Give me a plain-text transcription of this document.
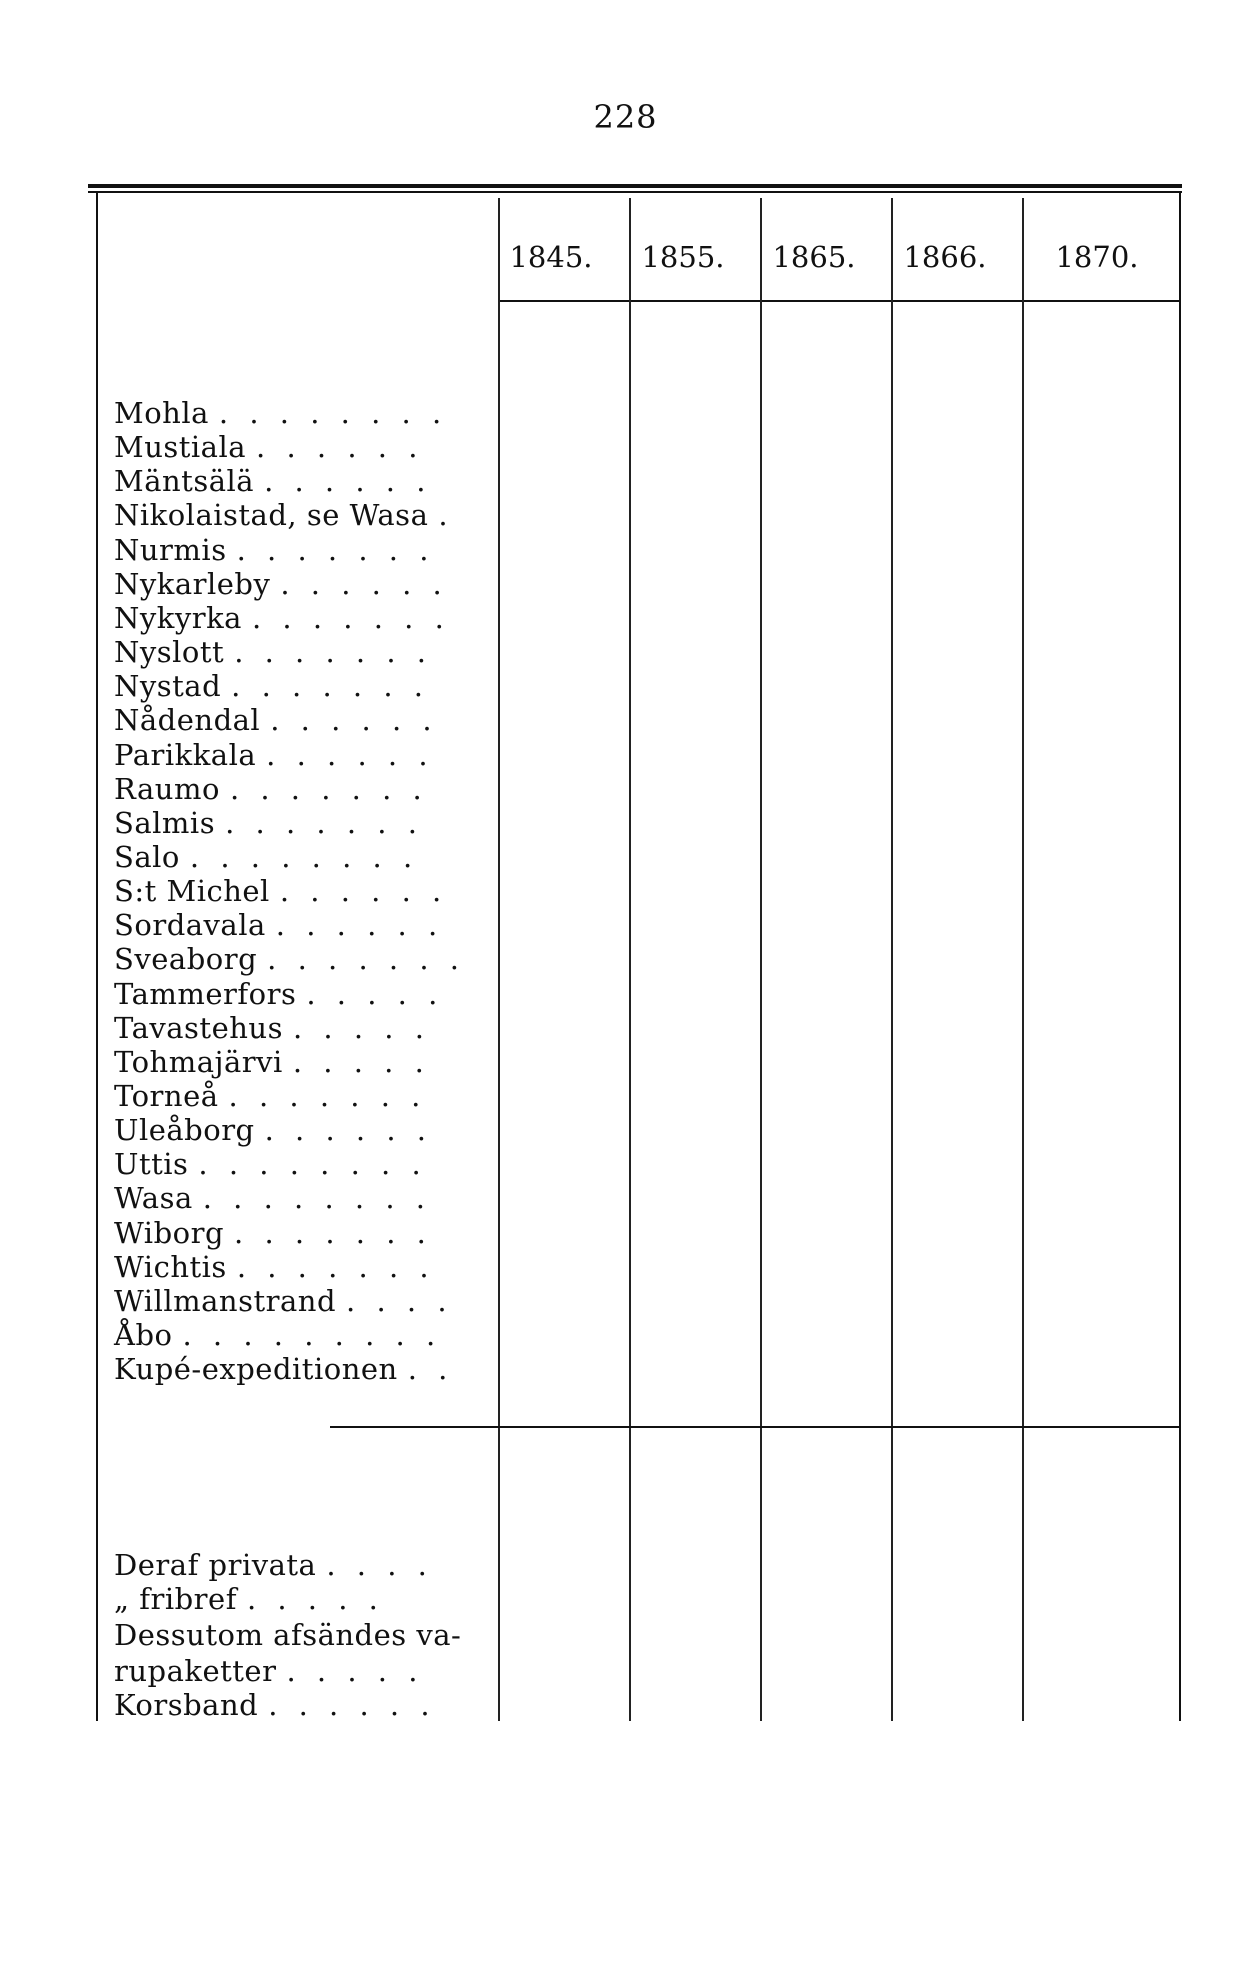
228
1845.	1855.	1865.	1866.	1870.
Mohla . . . . . . . .
Mustiala . . . . . .
Mäntsälä . . . . . .
Nikolaistad, se Wasa .
Nurmis . . . . . . .
Nykarleby . . . . . .
Nykyrka . . . . . . .
Nyslott . . . . . . .
Nystad . . . . . . .
Nådendal . . . . . .
Parikkala . . . . . .
Raumo . . . . . . .
Salmis . . . . . . .
Salo . . . . . . . .
S:t Michel . . . . . .
Sordavala . . . . . .
Sveaborg . . . . . . .
Tammerfors . . . . .
Tavastehus . . . . .
Tohmajärvi . . . . .
Torneå . . . . . . .
Uleåborg . . . . . .
Uttis . . . . . . . .
Wasa . . . . . . . .
Wiborg . . . . . . .
Wichtis . . . . . . .
Willmanstrand . . . .
Åbo . . . . . . . . .
Kupé-expeditionen . .
Deraf privata . . . .
„ fribref . . . . .
Dessutom afsändes va-
rupaketter . . . . .
Korsband . . . . . .
